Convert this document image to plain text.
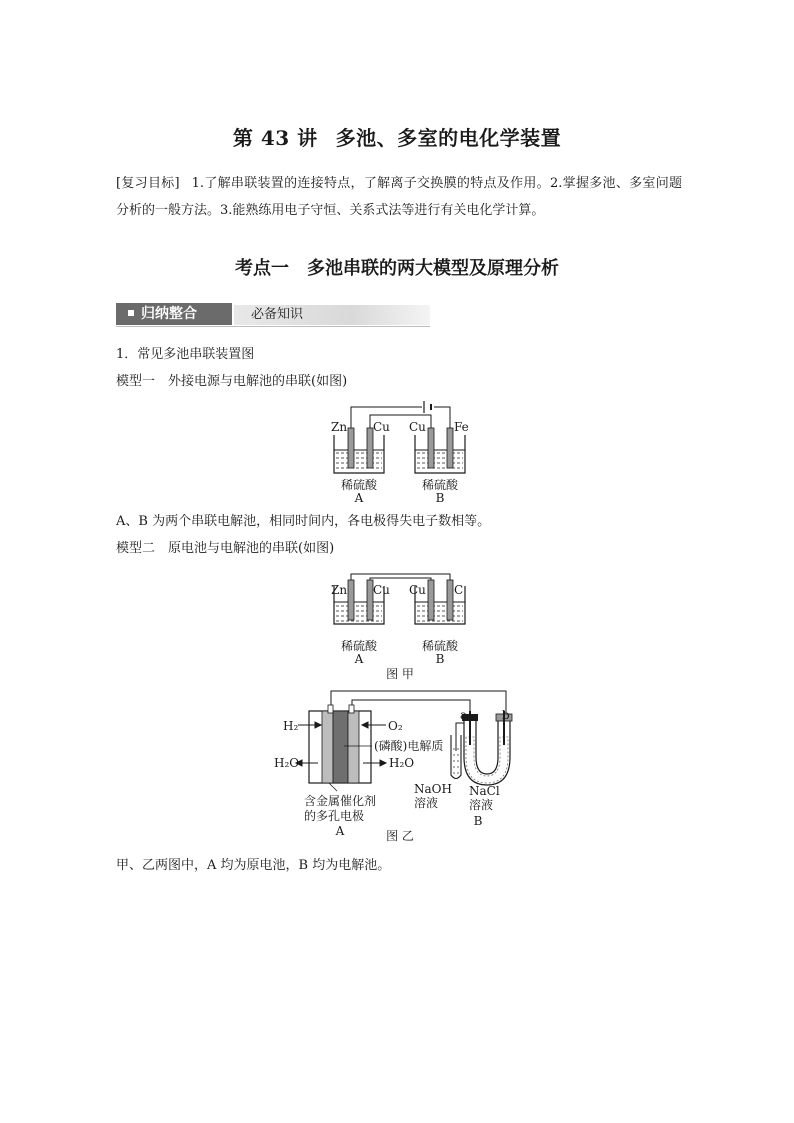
第 43 讲 多池、多室的电化学装置
[复习目标] 1.了解串联装置的连接特点，了解离子交换膜的特点及作用。2.掌握多池、多室问题分析的一般方法。3.能熟练用电子守恒、关系式法等进行有关电化学计算。
考点一 多池串联的两大模型及原理分析
归纳整合	必备知识
1．常见多池串联装置图
模型一　外接电源与电解池的串联(如图)
Zn Cu Cu Fe
稀硫酸	稀硫酸
A	B
A、B 为两个串联电解池，相同时间内，各电极得失电子数相等。
模型二　原电池与电解池的串联(如图)
Zn Cu Cu C
稀硫酸	稀硫酸
A	B
图 甲
H₂	O₂
H₂O	H₂O
(磷酸)电解质
含金属催化剂
的多孔电极
A
a	b
NaOH
溶液
NaCl
溶液
B
图 乙
甲、乙两图中，A 均为原电池，B 均为电解池。
